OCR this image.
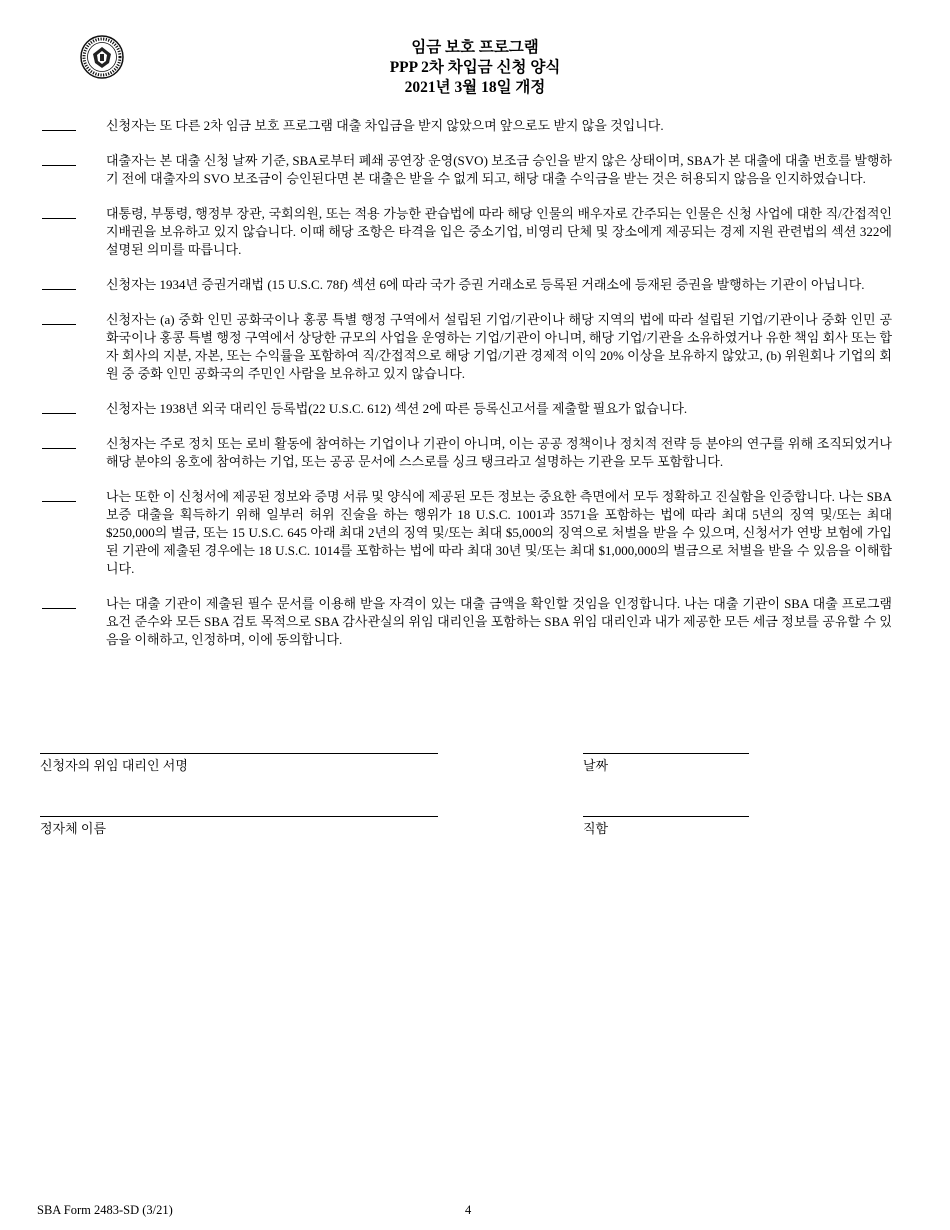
임금 보호 프로그램
PPP 2차 차입금 신청 양식
2021년 3월 18일 개정
신청자는 또 다른 2차 임금 보호 프로그램 대출 차입금을 받지 않았으며 앞으로도 받지 않을 것입니다.
대출자는 본 대출 신청 날짜 기준, SBA로부터 폐쇄 공연장 운영(SVO) 보조금 승인을 받지 않은 상태이며, SBA가 본 대출에 대출 번호를 발행하기 전에 대출자의 SVO 보조금이 승인된다면 본 대출은 받을 수 없게 되고, 해당 대출 수익금을 받는 것은 허용되지 않음을 인지하였습니다.
대통령, 부통령, 행정부 장관, 국회의원, 또는 적용 가능한 관습법에 따라 해당 인물의 배우자로 간주되는 인물은 신청 사업에 대한 직/간접적인 지배권을 보유하고 있지 않습니다. 이때 해당 조항은 타격을 입은 중소기업, 비영리 단체 및 장소에게 제공되는 경제 지원 관련법의 섹션 322에 설명된 의미를 따릅니다.
신청자는 1934년 증권거래법 (15 U.S.C. 78f) 섹션 6에 따라 국가 증권 거래소로 등록된 거래소에 등재된 증권을 발행하는 기관이 아닙니다.
신청자는 (a) 중화 인민 공화국이나 홍콩 특별 행정 구역에서 설립된 기업/기관이나 해당 지역의 법에 따라 설립된 기업/기관이나 중화 인민 공화국이나 홍콩 특별 행정 구역에서 상당한 규모의 사업을 운영하는 기업/기관이 아니며, 해당 기업/기관을 소유하였거나 유한 책임 회사 또는 합자 회사의 지분, 자본, 또는 수익률을 포함하여 직/간접적으로 해당 기업/기관 경제적 이익 20% 이상을 보유하지 않았고, (b) 위원회나 기업의 회원 중 중화 인민 공화국의 주민인 사람을 보유하고 있지 않습니다.
신청자는 1938년 외국 대리인 등록법(22 U.S.C. 612) 섹션 2에 따른 등록신고서를 제출할 필요가 없습니다.
신청자는 주로 정치 또는 로비 활동에 참여하는 기업이나 기관이 아니며, 이는 공공 정책이나 정치적 전략 등 분야의 연구를 위해 조직되었거나 해당 분야의 옹호에 참여하는 기업, 또는 공공 문서에 스스로를 싱크 탱크라고 설명하는 기관을 모두 포함합니다.
나는 또한 이 신청서에 제공된 정보와 증명 서류 및 양식에 제공된 모든 정보는 중요한 측면에서 모두 정확하고 진실함을 인증합니다. 나는 SBA 보증 대출을 획득하기 위해 일부러 허위 진술을 하는 행위가 18 U.S.C. 1001과 3571을 포함하는 법에 따라 최대 5년의 징역 및/또는 최대 $250,000의 벌금, 또는 15 U.S.C. 645 아래 최대 2년의 징역 및/또는 최대 $5,000의 징역으로 처벌을 받을 수 있으며, 신청서가 연방 보험에 가입된 기관에 제출된 경우에는 18 U.S.C. 1014를 포함하는 법에 따라 최대 30년 및/또는 최대 $1,000,000의 벌금으로 처벌을 받을 수 있음을 이해합니다.
나는 대출 기관이 제출된 필수 문서를 이용해 받을 자격이 있는 대출 금액을 확인할 것임을 인정합니다. 나는 대출 기관이 SBA 대출 프로그램 요건 준수와 모든 SBA 검토 목적으로 SBA 감사관실의 위임 대리인을 포함하는 SBA 위임 대리인과 내가 제공한 모든 세금 정보를 공유할 수 있음을 이해하고, 인정하며, 이에 동의합니다.
신청자의 위임 대리인 서명	날짜
정자체 이름	직함
SBA Form 2483-SD (3/21)	4
